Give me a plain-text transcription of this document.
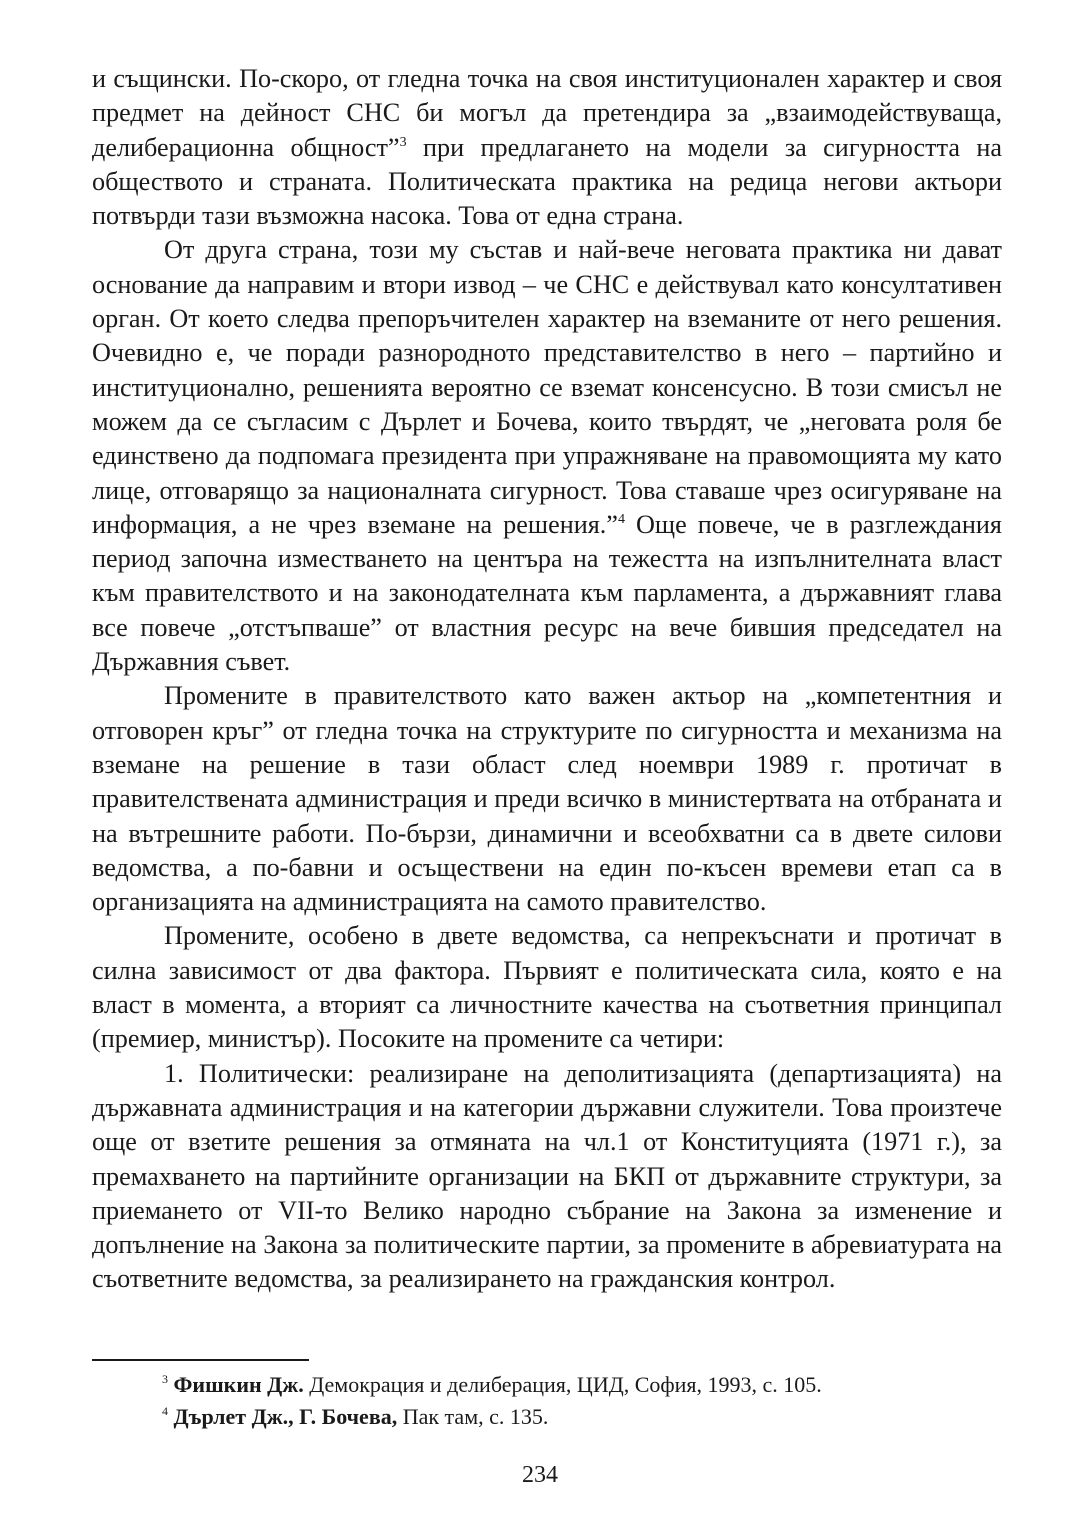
и същински. По-скоро, от гледна точка на своя институционален характер и своя предмет на дейност СНС би могъл да претендира за „взаимодействуваща, делиберационна общност”$^3$ при предлагането на модели за сигурността на обществото и страната. Политическата практика на редица негови актьори потвърди тази възможна насока. Това от една страна.

От друга страна, този му състав и най-вече неговата практика ни дават основание да направим и втори извод – че СНС е действувал като консултативен орган. От което следва препоръчителен характер на вземаните от него решения. Очевидно е, че поради разнородното представителство в него – партийно и институционално, решенията вероятно се вземат консенсусно. В този смисъл не можем да се съгласим с Дърлет и Бочева, които твърдят, че „неговата роля бе единствено да подпомага президента при упражняване на правомощията му като лице, отговарящо за националната сигурност. Това ставаше чрез осигуряване на информация, а не чрез вземане на решения.”$^4$ Още повече, че в разглеждания период започна изместването на центъра на тежестта на изпълнителната власт към правителството и на законодателната към парламента, а държавният глава все повече „отстъпваше” от властния ресурс на вече бившия председател на Държавния съвет.

Промените в правителството като важен актьор на „компетентния и отговорен кръг” от гледна точка на структурите по сигурността и механизма на вземане на решение в тази област след ноември 1989 г. протичат в правителствената администрация и преди всичко в министертвата на отбраната и на вътрешните работи. По-бързи, динамични и всеобхватни са в двете силови ведомства, а по-бавни и осъществени на един по-късен времеви етап са в организацията на администрацията на самото правителство.

Промените, особено в двете ведомства, са непрекъснати и протичат в силна зависимост от два фактора. Първият е политическата сила, която е на власт в момента, а вторият са личностните качества на съответния принципал (премиер, министър). Посоките на промените са четири:

1. Политически: реализиране на деполитизацията (департизацията) на държавната администрация и на категории държавни служители. Това произтече още от взетите решения за отмяната на чл.1 от Конституцията (1971 г.), за премахването на партийните организации на БКП от държавните структури, за приемането от VII-то Велико народно събрание на Закона за изменение и допълнение на Закона за политическите партии, за промените в абревиатурата на съответните ведомства, за реализирането на гражданския контрол.

$^3$ Фишкин Дж. Демокрация и делиберация, ЦИД, София, 1993, с. 105.

$^4$ Дърлет Дж., Г. Бочева, Пак там, с. 135.

234
